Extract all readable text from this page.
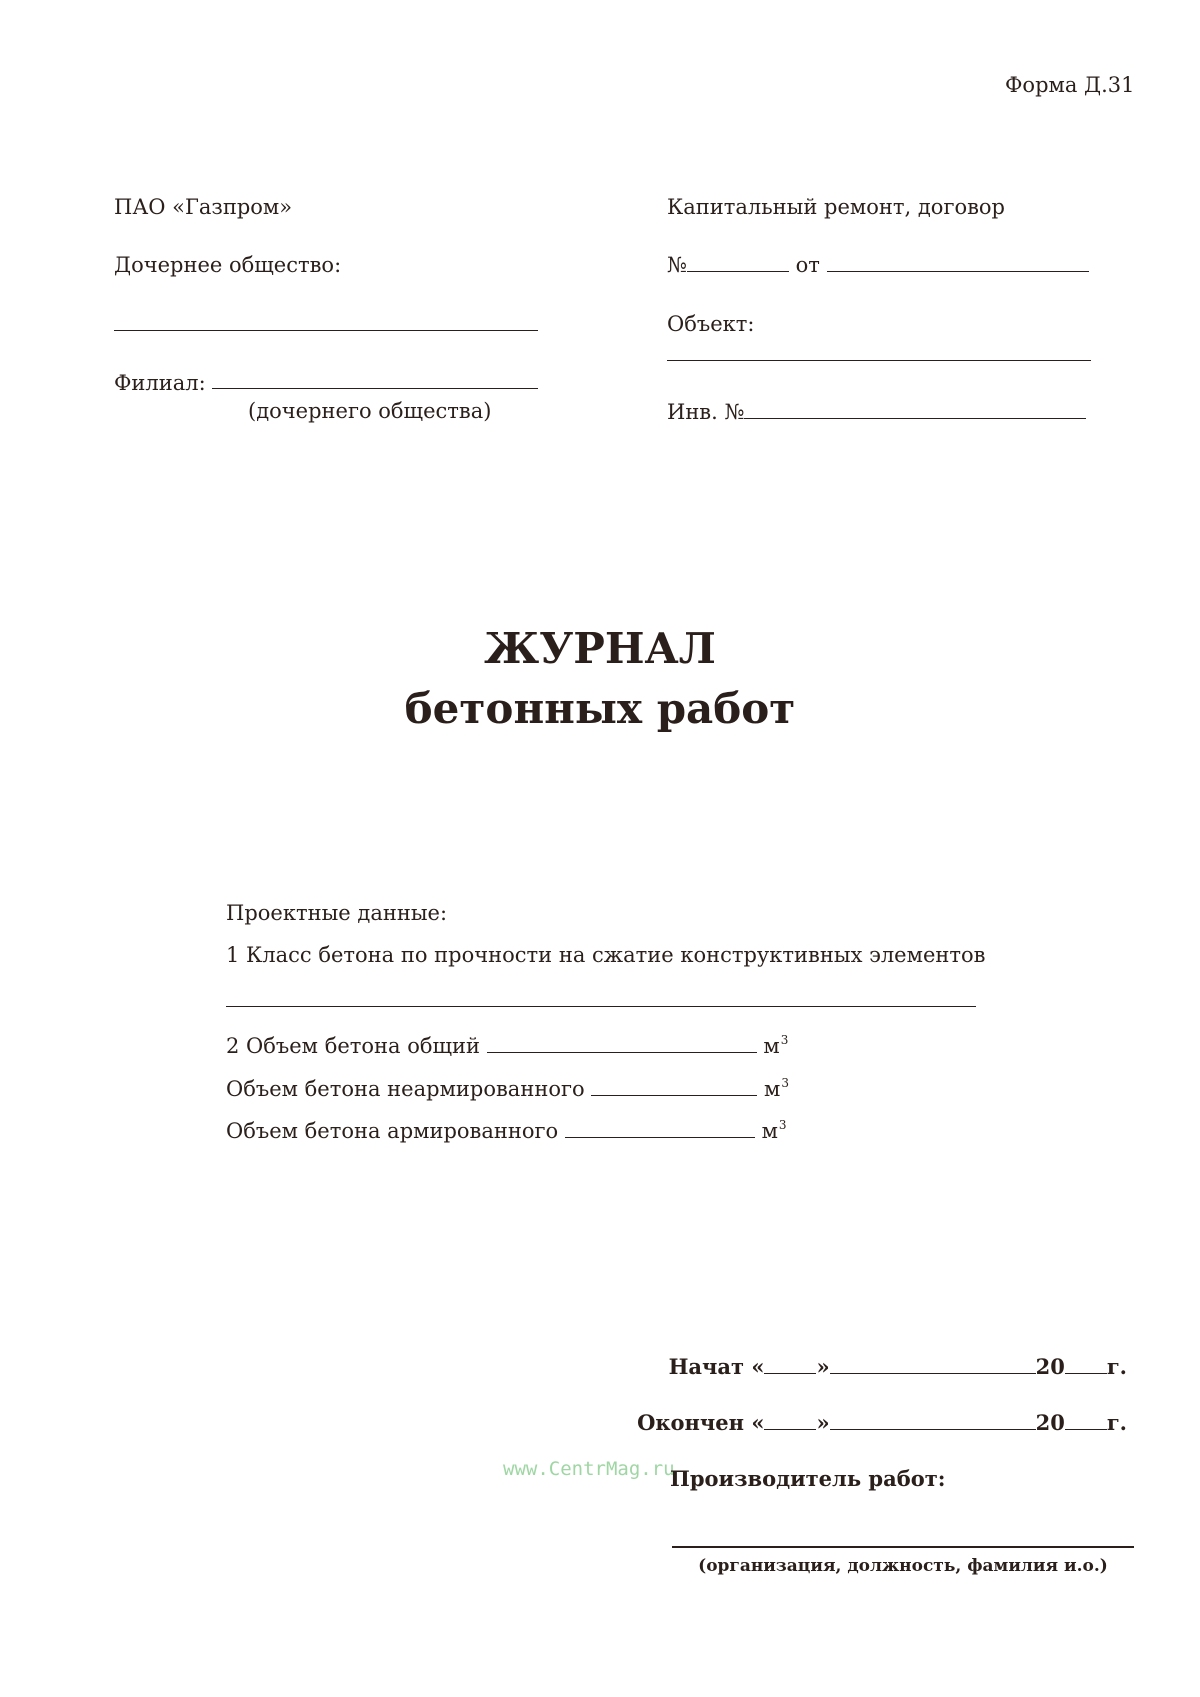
Форма Д.31
ПАО «Газпром»
Дочернее общество:
Филиал:
(дочернего общества)
Капитальный ремонт, договор
№	от
Объект:
Инв. №
ЖУРНАЛ
бетонных работ
Проектные данные:
1 Класс бетона по прочности на сжатие конструктивных элементов
2 Объем бетона общий	$м^3$
Объем бетона неармированного	$м^3$
Объем бетона армированного	$м^3$
Начат « »	20 г.
Окончен « »	20 г.
www.CentrMag.ru
Производитель работ:
(организация, должность, фамилия и.о.)
